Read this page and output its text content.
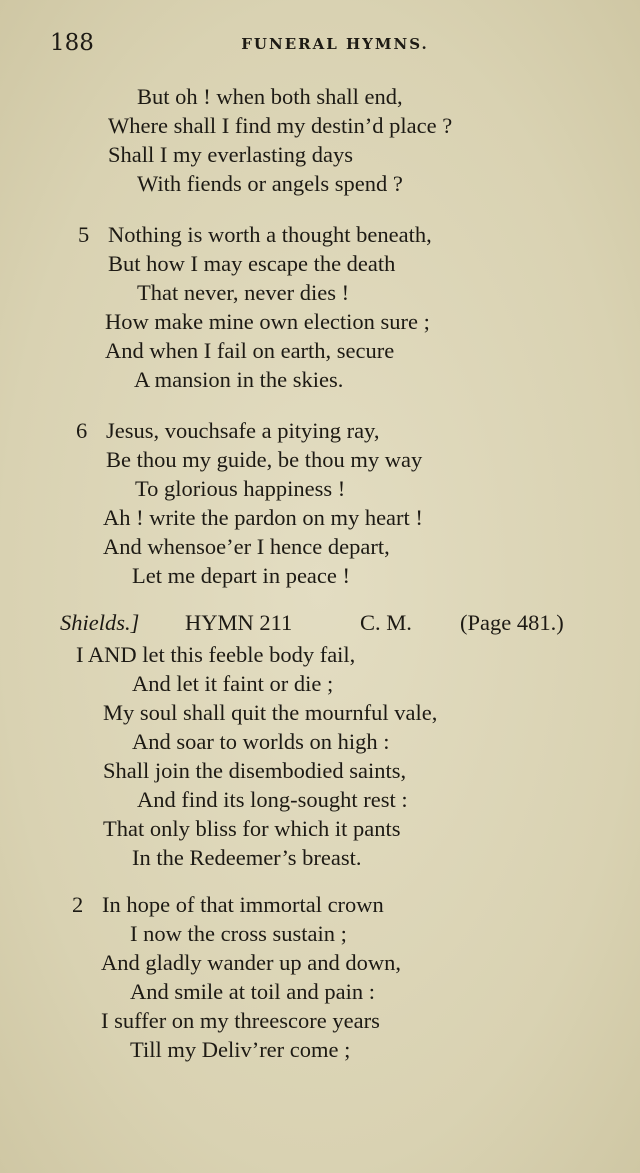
188	FUNERAL HYMNS.
But oh ! when both shall end,
Where shall I find my destin’d place ?
Shall I my everlasting days
With fiends or angels spend ?
5 Nothing is worth a thought beneath,
But how I may escape the death
That never, never dies !
How make mine own election sure ;
And when I fail on earth, secure
A mansion in the skies.
6 Jesus, vouchsafe a pitying ray,
Be thou my guide, be thou my way
To glorious happiness !
Ah ! write the pardon on my heart !
And whensoe’er I hence depart,
Let me depart in peace !
Shields.] HYMN 211	C. M. (Page 481.)
I AND let this feeble body fail,
And let it faint or die ;
My soul shall quit the mournful vale,
And soar to worlds on high :
Shall join the disembodied saints,
And find its long-sought rest :
That only bliss for which it pants
In the Redeemer’s breast.
2 In hope of that immortal crown
I now the cross sustain ;
And gladly wander up and down,
And smile at toil and pain :
I suffer on my threescore years
Till my Deliv’rer come ;
